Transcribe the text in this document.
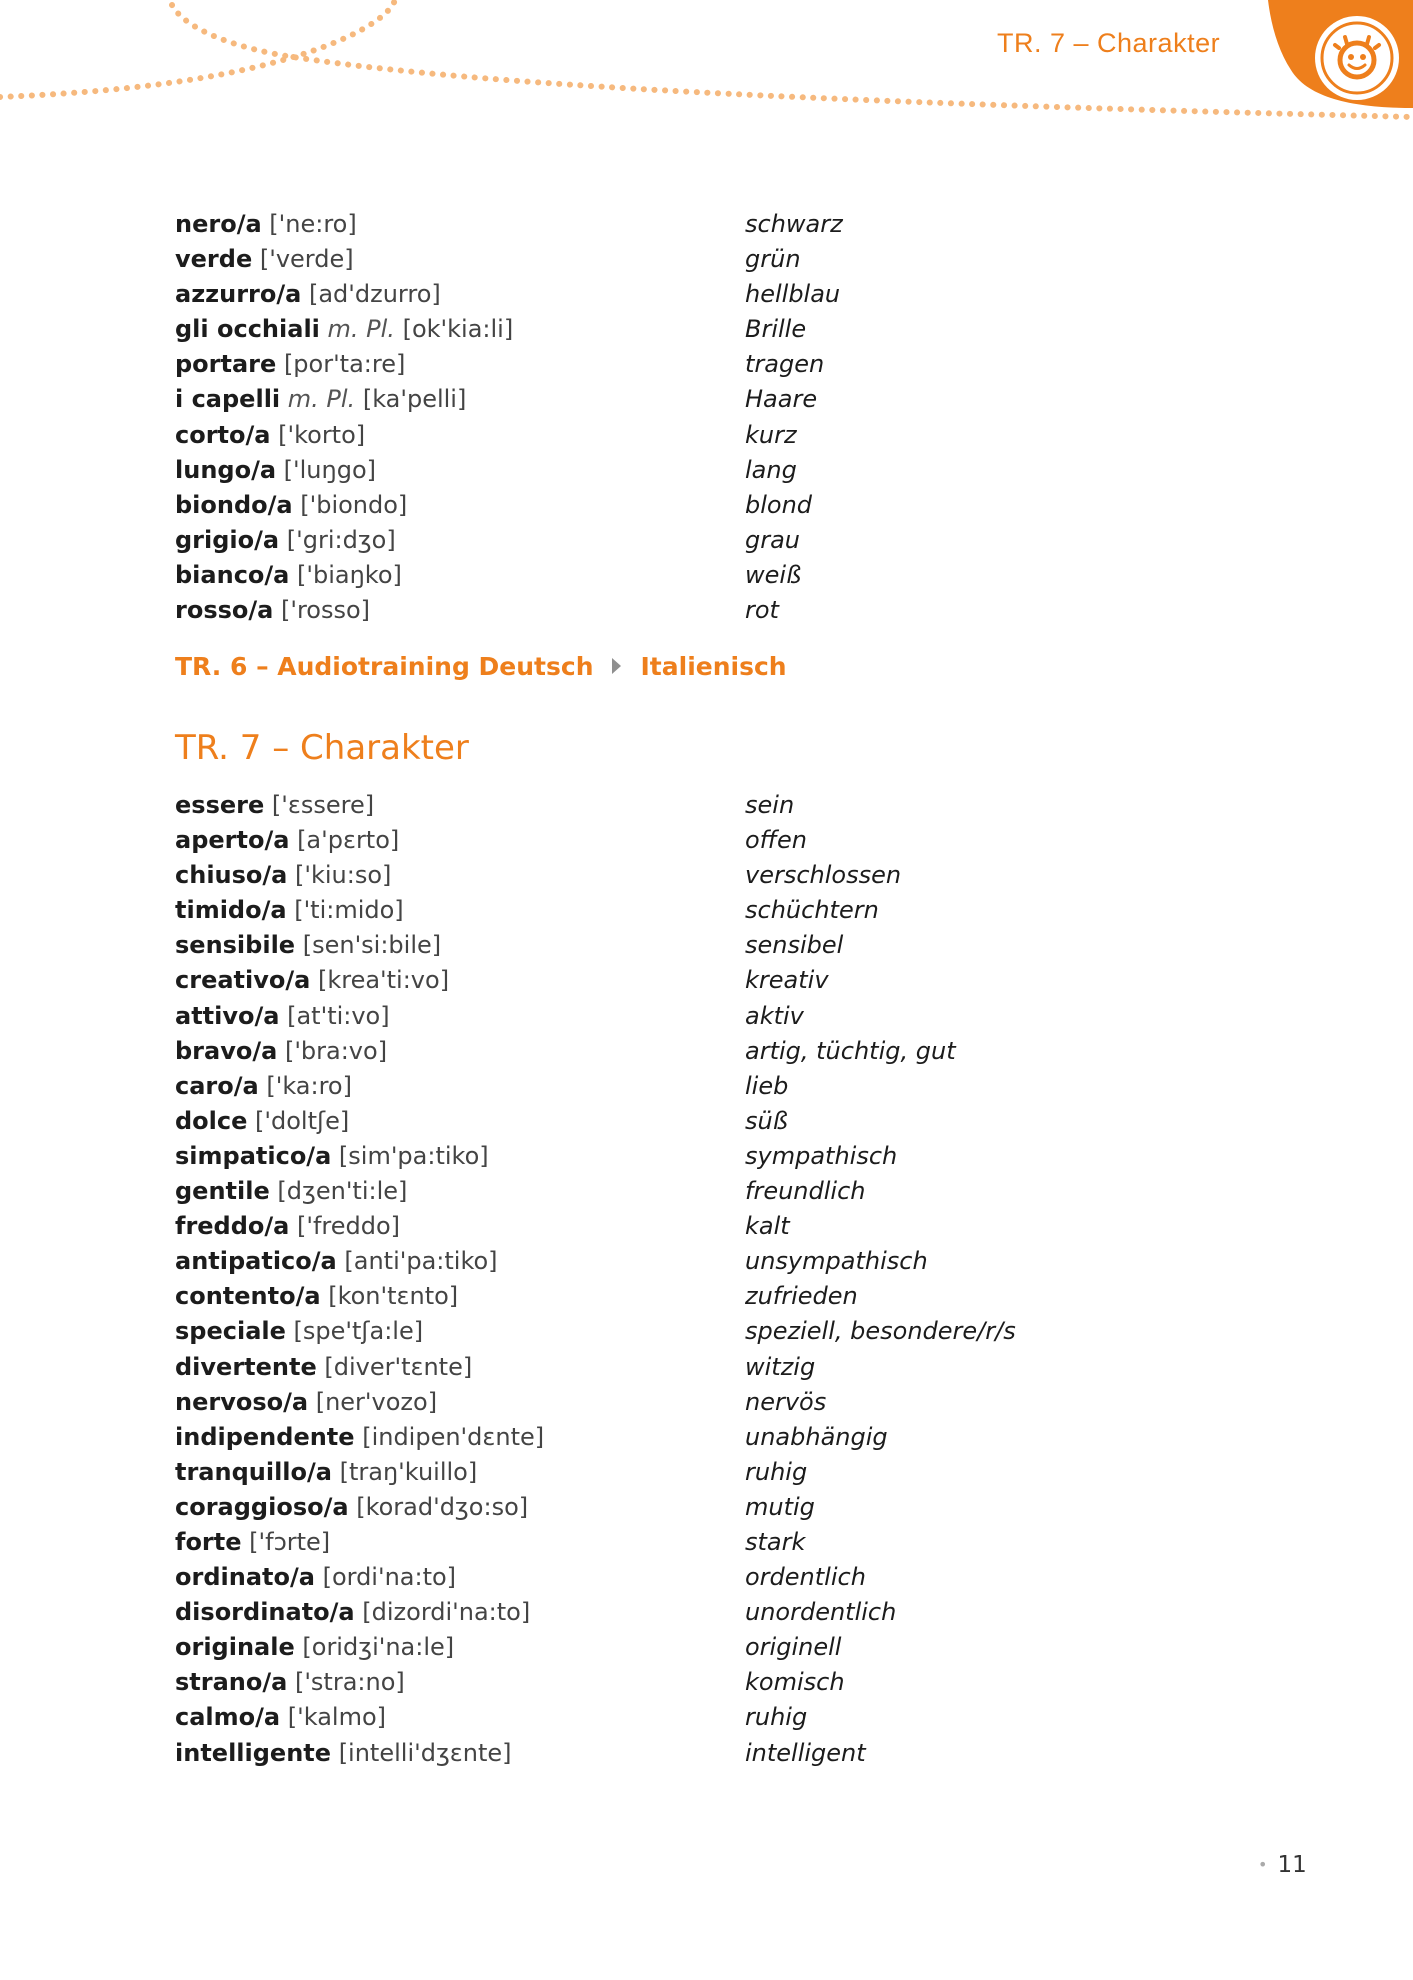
TR. 7 – Charakter
nero/a ['ne:ro]	schwarz
verde ['verde]	grün
azzurro/a [ad'dzurro]	hellblau
gli occhiali m. Pl. [ok'kia:li]	Brille
portare [por'ta:re]	tragen
i capelli m. Pl. [ka'pelli]	Haare
corto/a ['korto]	kurz
lungo/a ['luŋgo]	lang
biondo/a ['biondo]	blond
grigio/a ['gri:dʒo]	grau
bianco/a ['biaŋko]	weiß
rosso/a ['rosso]	rot
TR. 6 – Audiotraining Deutsch Italienisch
TR. 7 – Charakter
essere ['ɛssere]	sein
aperto/a [a'pɛrto]	offen
chiuso/a ['kiu:so]	verschlossen
timido/a ['ti:mido]	schüchtern
sensibile [sen'si:bile]	sensibel
creativo/a [krea'ti:vo]	kreativ
attivo/a [at'ti:vo]	aktiv
bravo/a ['bra:vo]	artig, tüchtig, gut
caro/a ['ka:ro]	lieb
dolce ['doltʃe]	süß
simpatico/a [sim'pa:tiko]	sympathisch
gentile [dʒen'ti:le]	freundlich
freddo/a ['freddo]	kalt
antipatico/a [anti'pa:tiko]	unsympathisch
contento/a [kon'tɛnto]	zufrieden
speciale [spe'tʃa:le]	speziell, besondere/r/s
divertente [diver'tɛnte]	witzig
nervoso/a [ner'vozo]	nervös
indipendente [indipen'dɛnte]	unabhängig
tranquillo/a [traŋ'kuillo]	ruhig
coraggioso/a [korad'dʒo:so]	mutig
forte ['fɔrte]	stark
ordinato/a [ordi'na:to]	ordentlich
disordinato/a [dizordi'na:to]	unordentlich
originale [oridʒi'na:le]	originell
strano/a ['stra:no]	komisch
calmo/a ['kalmo]	ruhig
intelligente [intelli'dʒɛnte]	intelligent
• 11
